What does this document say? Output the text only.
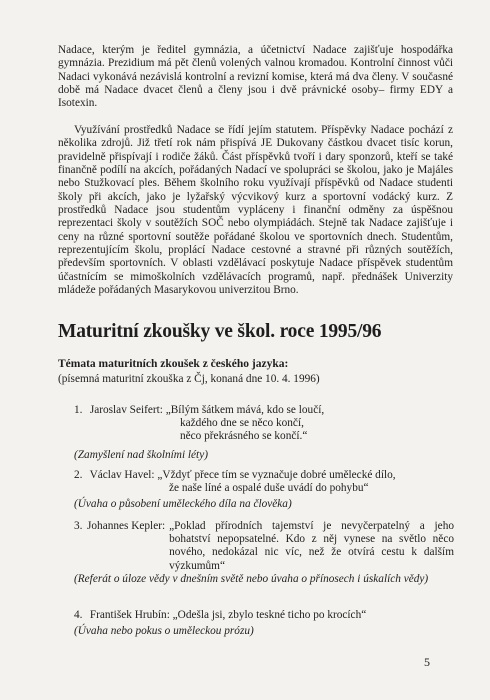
Nadace, kterým je ředitel gymnázia, a účetnictví Nadace zajišťuje hospodářka gymnázia. Prezidium má pět členů volených valnou kromadou. Kontrolní činnost vůči Nadaci vykonává nezávislá kontrolní a revizní komise, která má dva členy. V současné době má Nadace dvacet členů a členy jsou i dvě právnické osoby– firmy EDY a Isotexin.

Využívání prostředků Nadace se řídí jejím statutem. Příspěvky Nadace pochází z několika zdrojů. Již třetí rok nám přispívá JE Dukovany částkou dvacet tisíc korun, pravidelně přispívají i rodiče žáků. Část příspěvků tvoří i dary sponzorů, kteří se také finančně podílí na akcích, pořádaných Nadací ve spolupráci se školou, jako je Majáles nebo Stužkovací ples. Během školního roku využívají příspěvků od Nadace studenti školy při akcích, jako je lyžařský výcvikový kurz a sportovní vodácký kurz. Z prostředků Nadace jsou studentům vypláceny i finanční odměny za úspěšnou reprezentaci školy v soutěžích SOČ nebo olympiádách. Stejně tak Nadace zajišťuje i ceny na různé sportovní soutěže pořádané školou ve sportovních dnech. Studentům, reprezentujícím školu, proplácí Nadace cestovné a stravné při různých soutěžích, především sportovních. V oblasti vzdělávací poskytuje Nadace příspěvek studentům účastnícím se mimoškolních vzdělávacích programů, např. přednášek Univerzity mládeže pořádaných Masarykovou univerzitou Brno.

Maturitní zkoušky ve škol. roce 1995/96
Témata maturitních zkoušek z českého jazyka:
(písemná maturitní zkouška z Čj, konaná dne 10. 4. 1996)
1. Jaroslav Seifert: „Bílým šátkem mává, kdo se loučí,
každého dne se něco končí,
něco překrásného se končí.“
(Zamyšlení nad školními léty)
2. Václav Havel: „Vždyť přece tím se vyznačuje dobré umělecké dílo,
že naše líné a ospalé duše uvádí do pohybu“
(Úvaha o působení uměleckého díla na člověka)
3. Johannes Kepler: „Poklad přírodních tajemství je nevyčerpatelný a jeho bohatství nepopsatelné. Kdo z něj vynese na světlo něco nového, nedokázal nic víc, než že otvírá cestu k dalším výzkumům“
(Referát o úloze vědy v dnešním světě nebo úvaha o přínosech i úskalích vědy)
4. František Hrubín: „Odešla jsi, zbylo teskné ticho po krocích“
(Úvaha nebo pokus o uměleckou prózu)
5
